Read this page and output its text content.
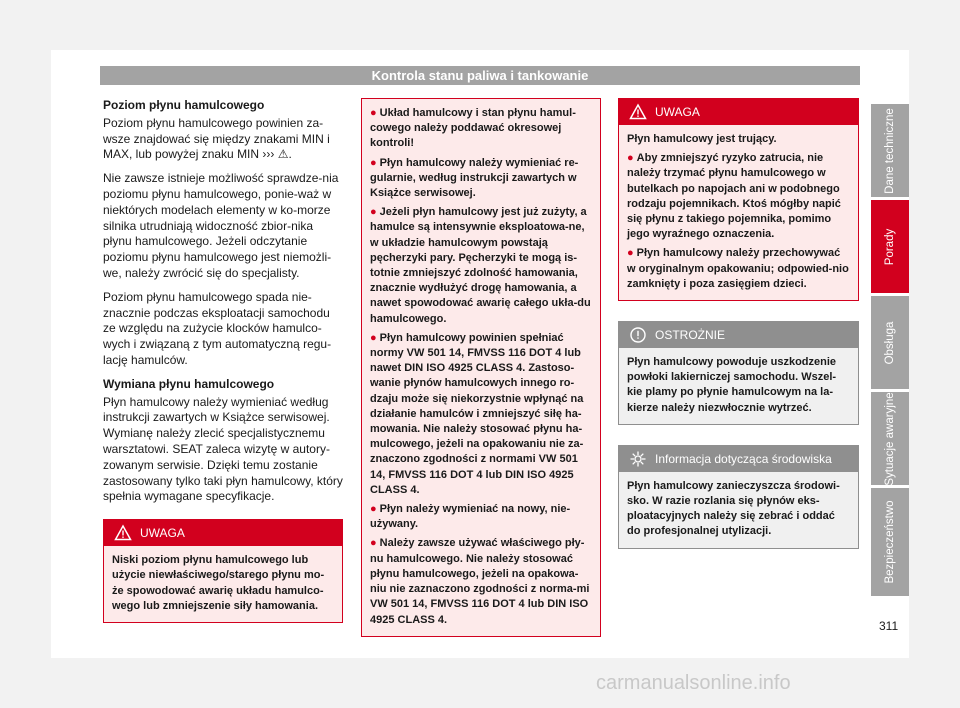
Kontrola stanu paliwa i tankowanie

Poziom płynu hamulcowego

Poziom płynu hamulcowego powinien za-wsze znajdować się między znakami MIN i MAX, lub powyżej znaku MIN ››› ⚠.

Nie zawsze istnieje możliwość sprawdze-nia poziomu płynu hamulcowego, ponie-waż w niektórych modelach elementy w ko-morze silnika utrudniają widoczność zbior-nika płynu hamulcowego. Jeżeli odczytanie poziomu płynu hamulcowego jest niemożli-we, należy zwrócić się do specjalisty.

Poziom płynu hamulcowego spada nie-znacznie podczas eksploatacji samochodu ze względu na zużycie klocków hamulco-wych i związaną z tym automatyczną regu-lację hamulców.

Wymiana płynu hamulcowego

Płyn hamulcowy należy wymieniać według instrukcji zawartych w Książce serwisowej. Wymianę należy zlecić specjalistycznemu warsztatowi. SEAT zaleca wizytę w autory-zowanym serwisie. Dzięki temu zostanie zastosowany tylko taki płyn hamulcowy, który spełnia wymagane specyfikacje.

UWAGA

Niski poziom płynu hamulcowego lub użycie niewłaściwego/starego płynu mo-że spowodować awarię układu hamulco-wego lub zmniejszenie siły hamowania.

● Układ hamulcowy i stan płynu hamul-cowego należy poddawać okresowej kontroli!

● Płyn hamulcowy należy wymieniać re-gularnie, według instrukcji zawartych w Książce serwisowej.

● Jeżeli płyn hamulcowy jest już zużyty, a hamulce są intensywnie eksploatowa-ne, w układzie hamulcowym powstają pęcherzyki pary. Pęcherzyki te mogą is-totnie zmniejszyć zdolność hamowania, znacznie wydłużyć drogę hamowania, a nawet spowodować awarię całego ukła-du hamulcowego.

● Płyn hamulcowy powinien spełniać normy VW 501 14, FMVSS 116 DOT 4 lub nawet DIN ISO 4925 CLASS 4. Zastoso-wanie płynów hamulcowych innego ro-dzaju może się niekorzystnie wpłynąć na działanie hamulców i zmniejszyć siłę ha-mowania. Nie należy stosować płynu ha-mulcowego, jeżeli na opakowaniu nie za-znaczono zgodności z normami VW 501 14, FMVSS 116 DOT 4 lub DIN ISO 4925 CLASS 4.

● Płyn należy wymieniać na nowy, nie-używany.

● Należy zawsze używać właściwego pły-nu hamulcowego. Nie należy stosować płynu hamulcowego, jeżeli na opakowa-niu nie zaznaczono zgodności z norma-mi VW 501 14, FMVSS 116 DOT 4 lub DIN ISO 4925 CLASS 4.

UWAGA

Płyn hamulcowy jest trujący.

● Aby zmniejszyć ryzyko zatrucia, nie należy trzymać płynu hamulcowego w butelkach po napojach ani w podobnego rodzaju pojemnikach. Ktoś mógłby napić się płynu z takiego pojemnika, pomimo jego wyraźnego oznaczenia.

● Płyn hamulcowy należy przechowywać w oryginalnym opakowaniu; odpowied-nio zamknięty i poza zasięgiem dzieci.

OSTROŻNIE

Płyn hamulcowy powoduje uszkodzenie powłoki lakierniczej samochodu. Wszel-kie plamy po płynie hamulcowym na la-kierze należy niezwłocznie wytrzeć.

Informacja dotycząca środowiska

Płyn hamulcowy zanieczyszcza środowi-sko. W razie rozlania się płynów eks-ploatacyjnych należy się zebrać i oddać do profesjonalnej utylizacji.

Dane techniczne
Porady
Obsługa
Sytuacje awaryjne
Bezpieczeństwo
311
carmanualsonline.info
